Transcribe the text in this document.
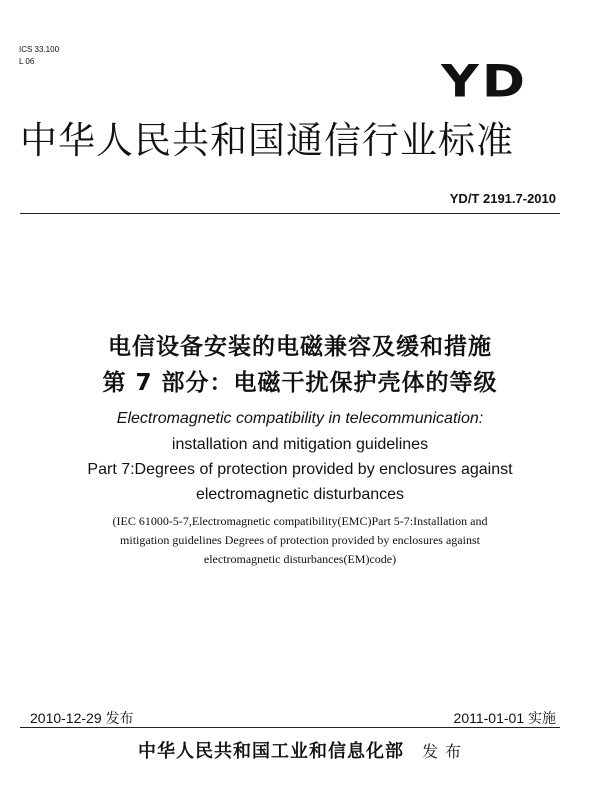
ICS 33.100
L 06	YD
中华人民共和国通信行业标准
YD/T 2191.7-2010
电信设备安装的电磁兼容及缓和措施
第 7 部分：电磁干扰保护壳体的等级
Electromagnetic compatibility in telecommunication:
installation and mitigation guidelines
Part 7:Degrees of protection provided by enclosures against
electromagnetic disturbances
(IEC 61000-5-7,Electromagnetic compatibility(EMC)Part 5-7:Installation and
mitigation guidelines Degrees of protection provided by enclosures against
electromagnetic disturbances(EM)code)
2010-12-29 发布	2011-01-01 实施
中华人民共和国工业和信息化部 发 布
